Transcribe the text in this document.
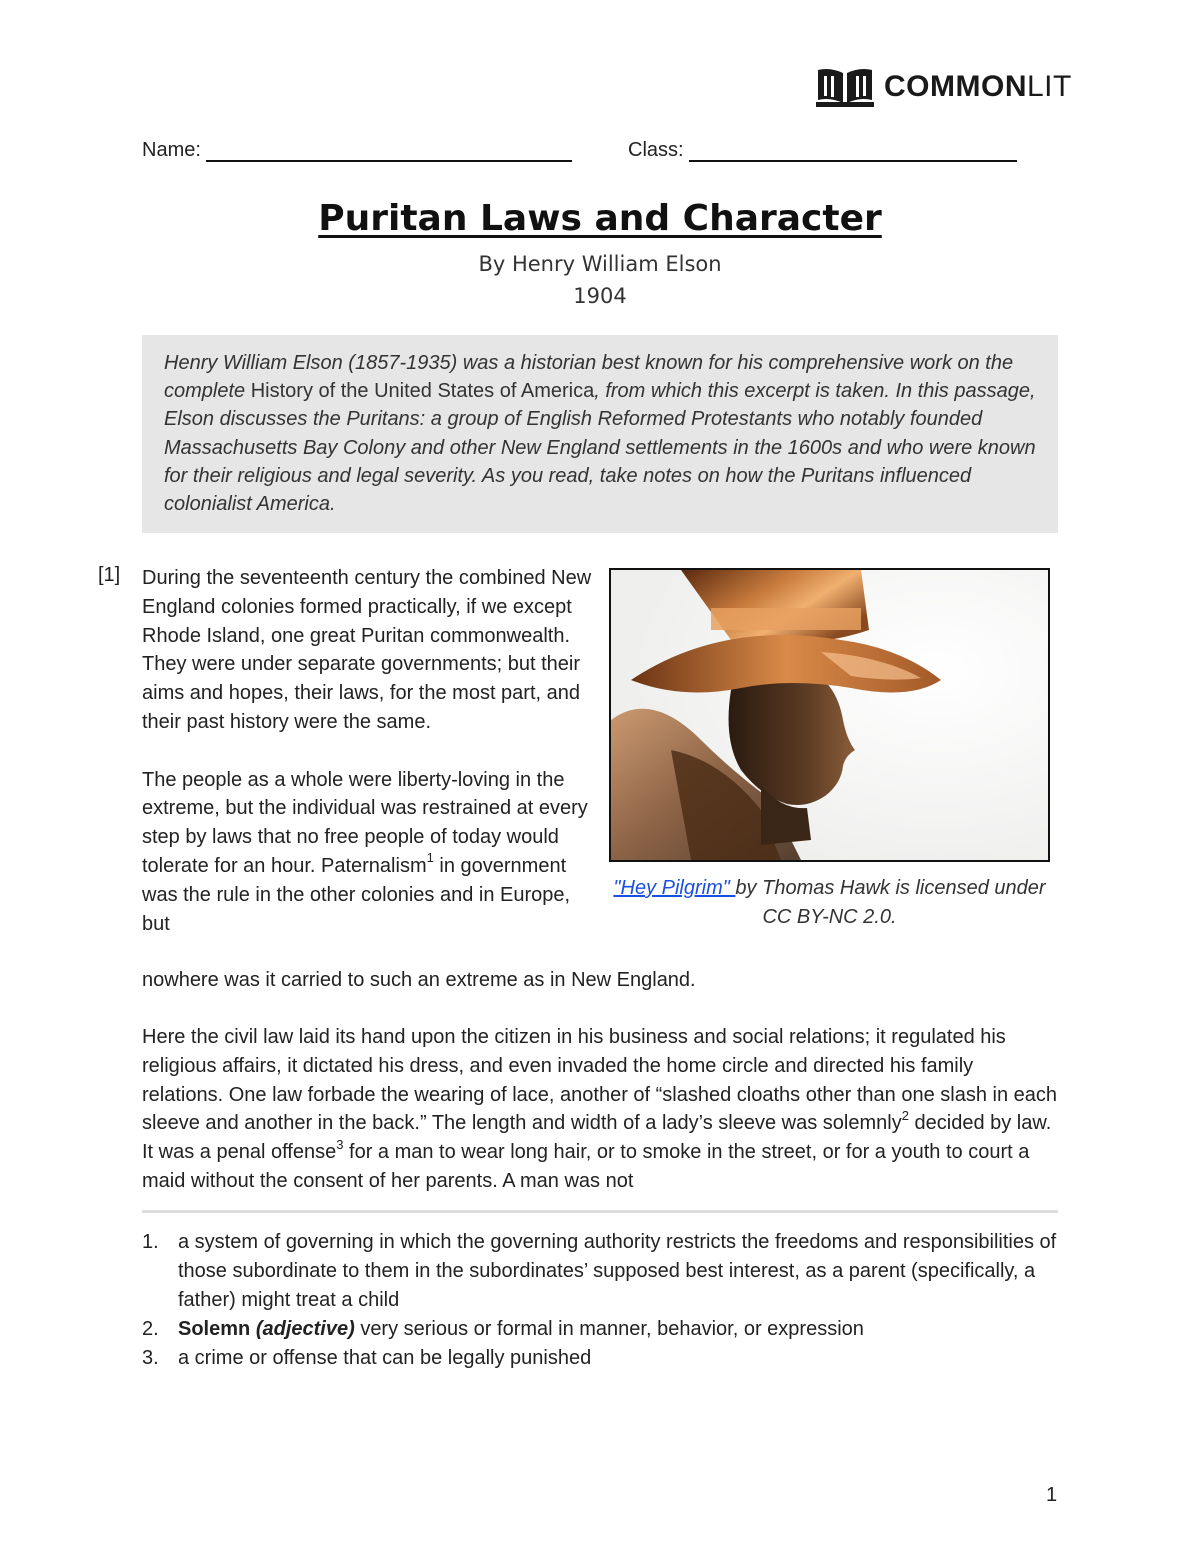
COMMONLIT
Name:	Class:
Puritan Laws and Character
By Henry William Elson
1904
Henry William Elson (1857-1935) was a historian best known for his comprehensive work on the complete History of the United States of America, from which this excerpt is taken. In this passage, Elson discusses the Puritans: a group of English Reformed Protestants who notably founded Massachusetts Bay Colony and other New England settlements in the 1600s and who were known for their religious and legal severity. As you read, take notes on how the Puritans influenced colonialist America.
[1] During the seventeenth century the combined New England colonies formed practically, if we except Rhode Island, one great Puritan commonwealth. They were under separate governments; but their aims and hopes, their laws, for the most part, and their past history were the same.

The people as a whole were liberty-loving in the extreme, but the individual was restrained at every step by laws that no free people of today would tolerate for an hour. Paternalism$^1$ in government was the rule in the other colonies and in Europe, but

nowhere was it carried to such an extreme as in New England.
Here the civil law laid its hand upon the citizen in his business and social relations; it regulated his religious affairs, it dictated his dress, and even invaded the home circle and directed his family relations. One law forbade the wearing of lace, another of “slashed cloaths other than one slash in each sleeve and another in the back.” The length and width of a lady’s sleeve was solemnly$^2$ decided by law. It was a penal offense$^3$ for a man to wear long hair, or to smoke in the street, or for a youth to court a maid without the consent of her parents. A man was not
"Hey Pilgrim" by Thomas Hawk is licensed under CC BY-NC 2.0.
1. a system of governing in which the governing authority restricts the freedoms and responsibilities of those subordinate to them in the subordinates’ supposed best interest, as a parent (specifically, a father) might treat a child
2. Solemn (adjective) very serious or formal in manner, behavior, or expression
3. a crime or offense that can be legally punished
1
